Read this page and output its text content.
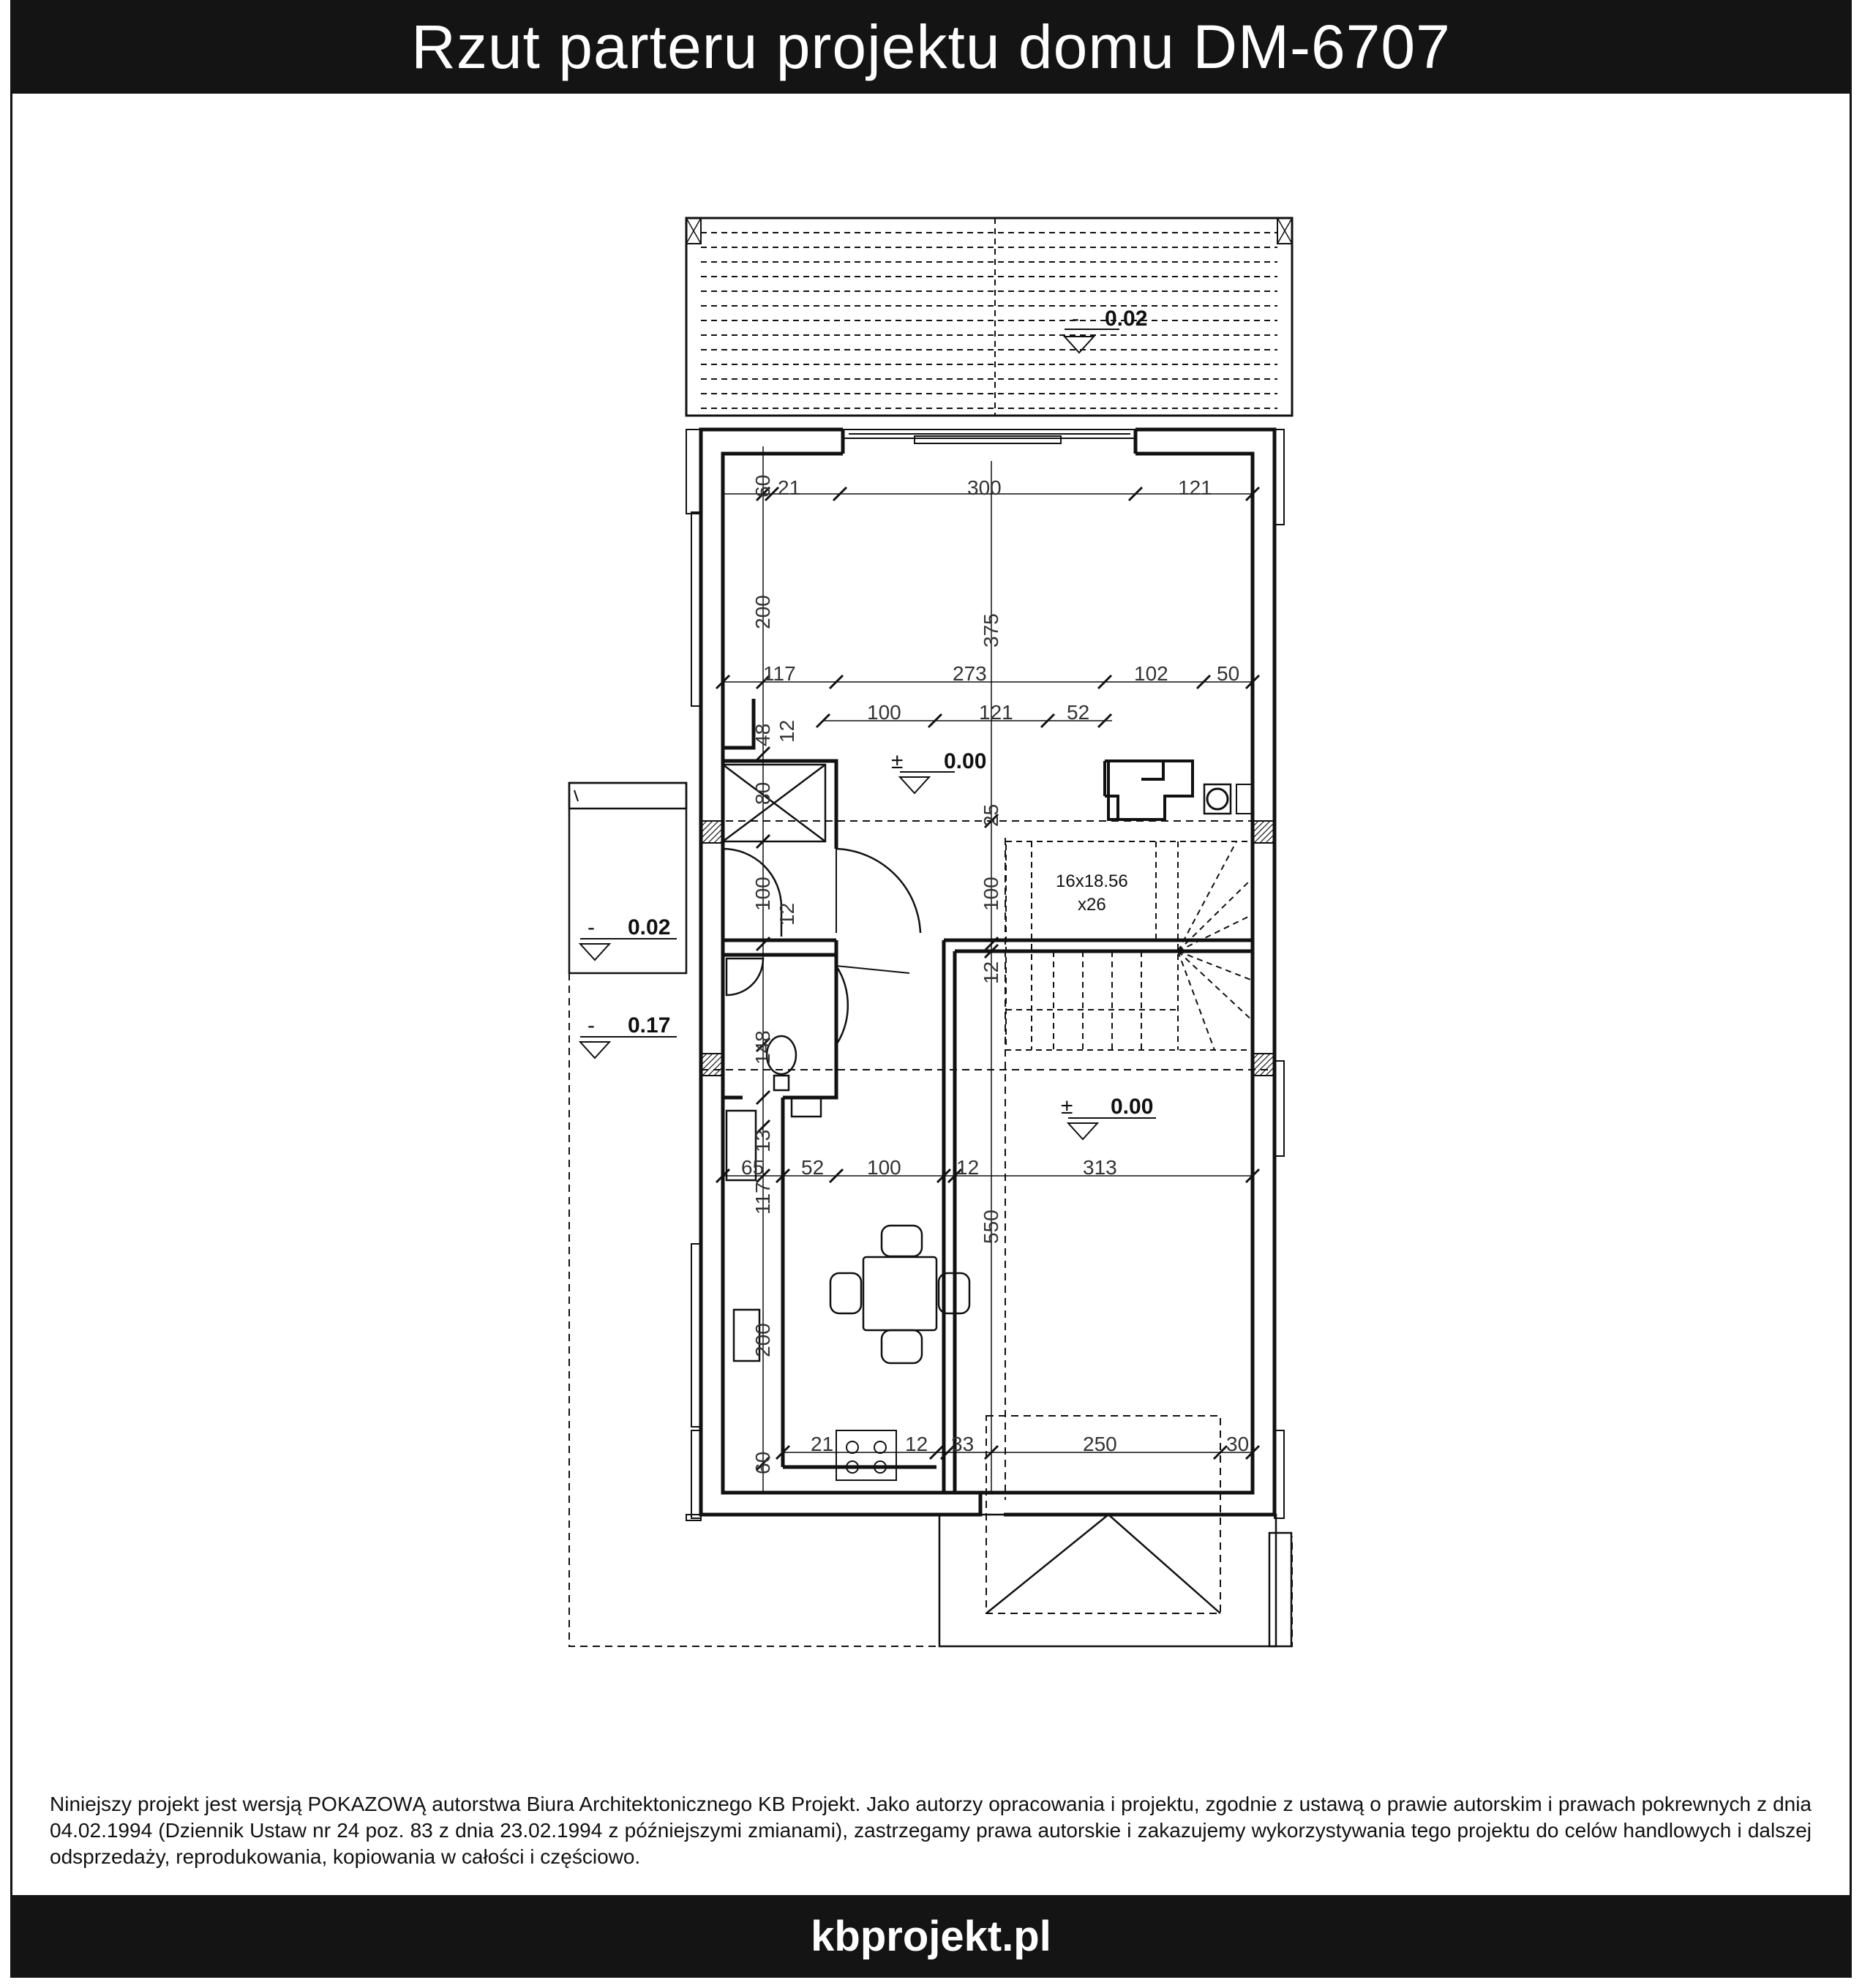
Rzut parteru projektu domu DM-6707
- 0.02
± 0.00
± 0.00
- 0.02
- 0.17
16x18.56
x26
21	300	121
117	273	102 50
100	121	52
65 52 100	12	313
21	12 33	250	30
60
200
375
48 12
80
25
100
12
100
12
148
13
117
550
200
60
Niniejszy projekt jest wersją POKAZOWĄ autorstwa Biura Architektonicznego KB Projekt. Jako autorzy opracowania i projektu, zgodnie z ustawą o prawie autorskim i prawach pokrewnych z dnia 04.02.1994 (Dziennik Ustaw nr 24 poz. 83 z dnia 23.02.1994 z późniejszymi zmianami), zastrzegamy prawa autorskie i zakazujemy wykorzystywania tego projektu do celów handlowych i dalszej odsprzedaży, reprodukowania, kopiowania w całości i częściowo.
kbprojekt.pl
